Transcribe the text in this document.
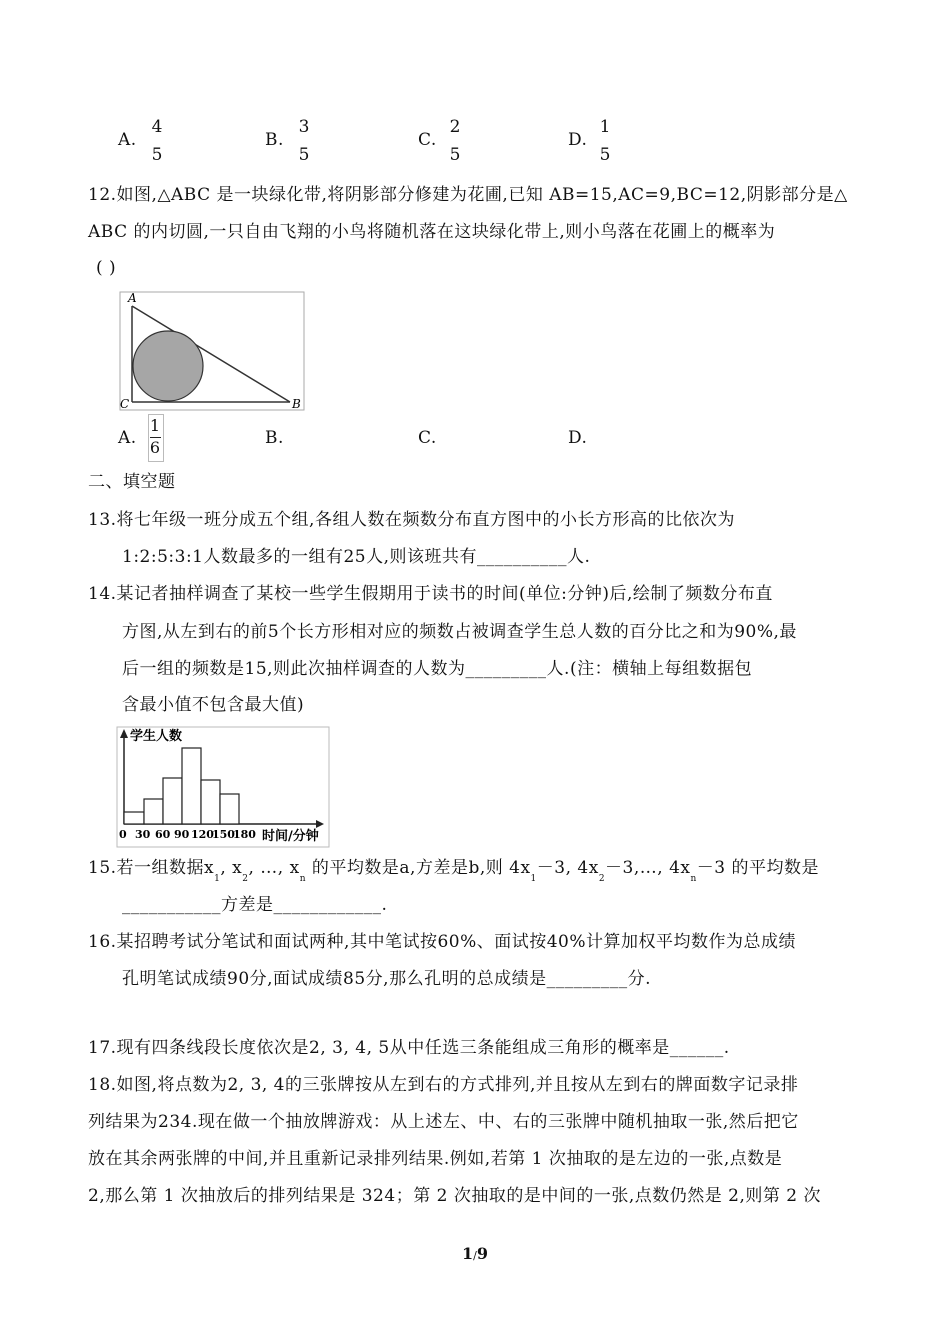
A.
4
5
B.
3
5
C.
2
5
D.
1
5
12.如图,△ABC 是一块绿化带,将阴影部分修建为花圃,已知 AB=15,AC=9,BC=12,阴影部分是△
ABC 的内切圆,一只自由飞翔的小鸟将随机落在这块绿化带上,则小鸟落在花圃上的概率为
( )
A
C	B
A.
1
6	B.	C.	D.
二、填空题
13.将七年级一班分成五个组,各组人数在频数分布直方图中的小长方形高的比依次为
1:2:5:3:1人数最多的一组有25人,则该班共有__________人.
14.某记者抽样调查了某校一些学生假期用于读书的时间(单位:分钟)后,绘制了频数分布直
方图,从左到右的前5个长方形相对应的频数占被调查学生总人数的百分比之和为90%,最
后一组的频数是15,则此次抽样调查的人数为_________人.(注：横轴上每组数据包
含最小值不包含最大值)
学生人数
时间/分钟
0 30 60 90 120
150
180
15.若一组数据$x_1$, $x_2$, …, $x_n$ 的平均数是a,方差是b,则 $4x_1-3$, $4x_2-3,\dots$, $4x_n-3$ 的平均数是
___________方差是____________.
16.某招聘考试分笔试和面试两种,其中笔试按60%、面试按40%计算加权平均数作为总成绩
孔明笔试成绩90分,面试成绩85分,那么孔明的总成绩是_________分.
17.现有四条线段长度依次是2, 3, 4, 5从中任选三条能组成三角形的概率是______.
18.如图,将点数为2, 3, 4的三张牌按从左到右的方式排列,并且按从左到右的牌面数字记录排
列结果为234.现在做一个抽放牌游戏：从上述左、中、右的三张牌中随机抽取一张,然后把它
放在其余两张牌的中间,并且重新记录排列结果.例如,若第 1 次抽取的是左边的一张,点数是
2,那么第 1 次抽放后的排列结果是 324；第 2 次抽取的是中间的一张,点数仍然是 2,则第 2 次
1/9
